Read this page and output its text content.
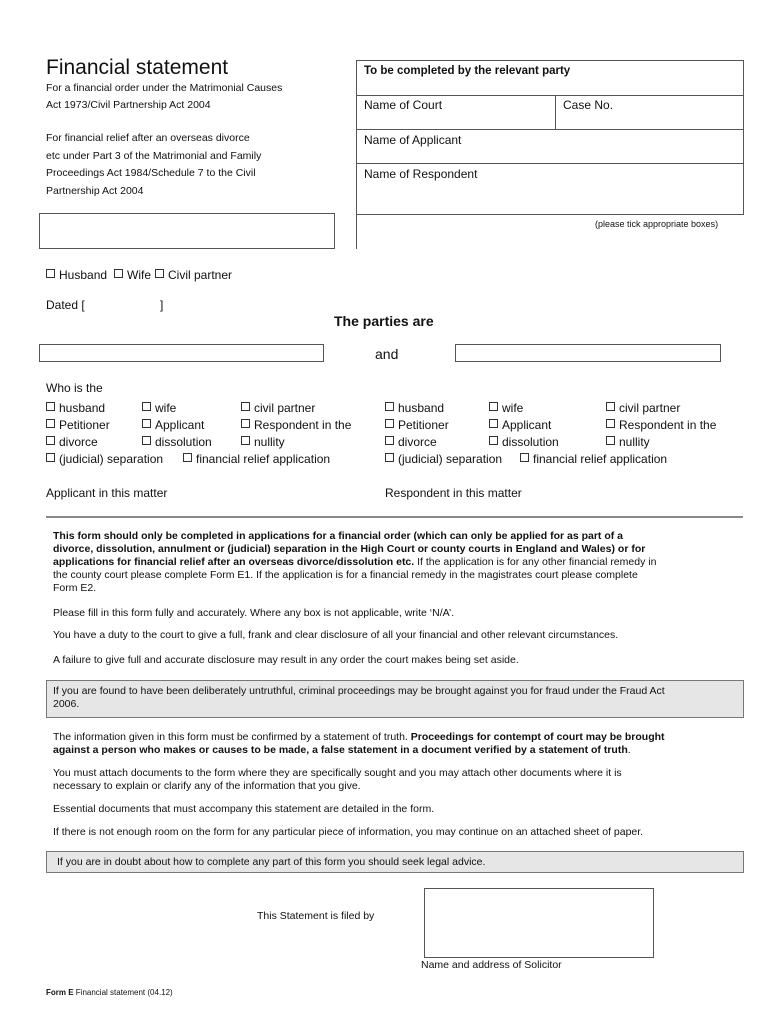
Financial statement
For a financial order under the Matrimonial Causes
Act 1973/Civil Partnership Act 2004
For financial relief after an overseas divorce
etc under Part 3 of the Matrimonial and Family
Proceedings Act 1984/Schedule 7 to the Civil
Partnership Act 2004
To be completed by the relevant party
Name of Court	Case No.
Name of Applicant
Name of Respondent
(please tick appropriate boxes)
Husband	Wife	Civil partner
Dated [	]
The parties are
and
Who is the
husband	wife	civil partner
Petitioner	Applicant	Respondent in the
divorce	dissolution	nullity
(judicial) separation	financial relief application
husband	wife	civil partner
Petitioner	Applicant	Respondent in the
divorce	dissolution	nullity
(judicial) separation	financial relief application
Applicant in this matter	Respondent in this matter
This form should only be completed in applications for a financial order (which can only be applied for as part of a
divorce, dissolution, annulment or (judicial) separation in the High Court or county courts in England and Wales) or for
applications for financial relief after an overseas divorce/dissolution etc. If the application is for any other financial remedy in
the county court please complete Form E1. If the application is for a financial remedy in the magistrates court please complete
Form E2.
Please fill in this form fully and accurately. Where any box is not applicable, write ‘N/A’.
You have a duty to the court to give a full, frank and clear disclosure of all your financial and other relevant circumstances.
A failure to give full and accurate disclosure may result in any order the court makes being set aside.
If you are found to have been deliberately untruthful, criminal proceedings may be brought against you for fraud under the Fraud Act
2006.
The information given in this form must be confirmed by a statement of truth. Proceedings for contempt of court may be brought
against a person who makes or causes to be made, a false statement in a document verified by a statement of truth.
You must attach documents to the form where they are specifically sought and you may attach other documents where it is
necessary to explain or clarify any of the information that you give.
Essential documents that must accompany this statement are detailed in the form.
If there is not enough room on the form for any particular piece of information, you may continue on an attached sheet of paper.
If you are in doubt about how to complete any part of this form you should seek legal advice.
This Statement is filed by
Name and address of Solicitor
Form E Financial statement (04.12)
